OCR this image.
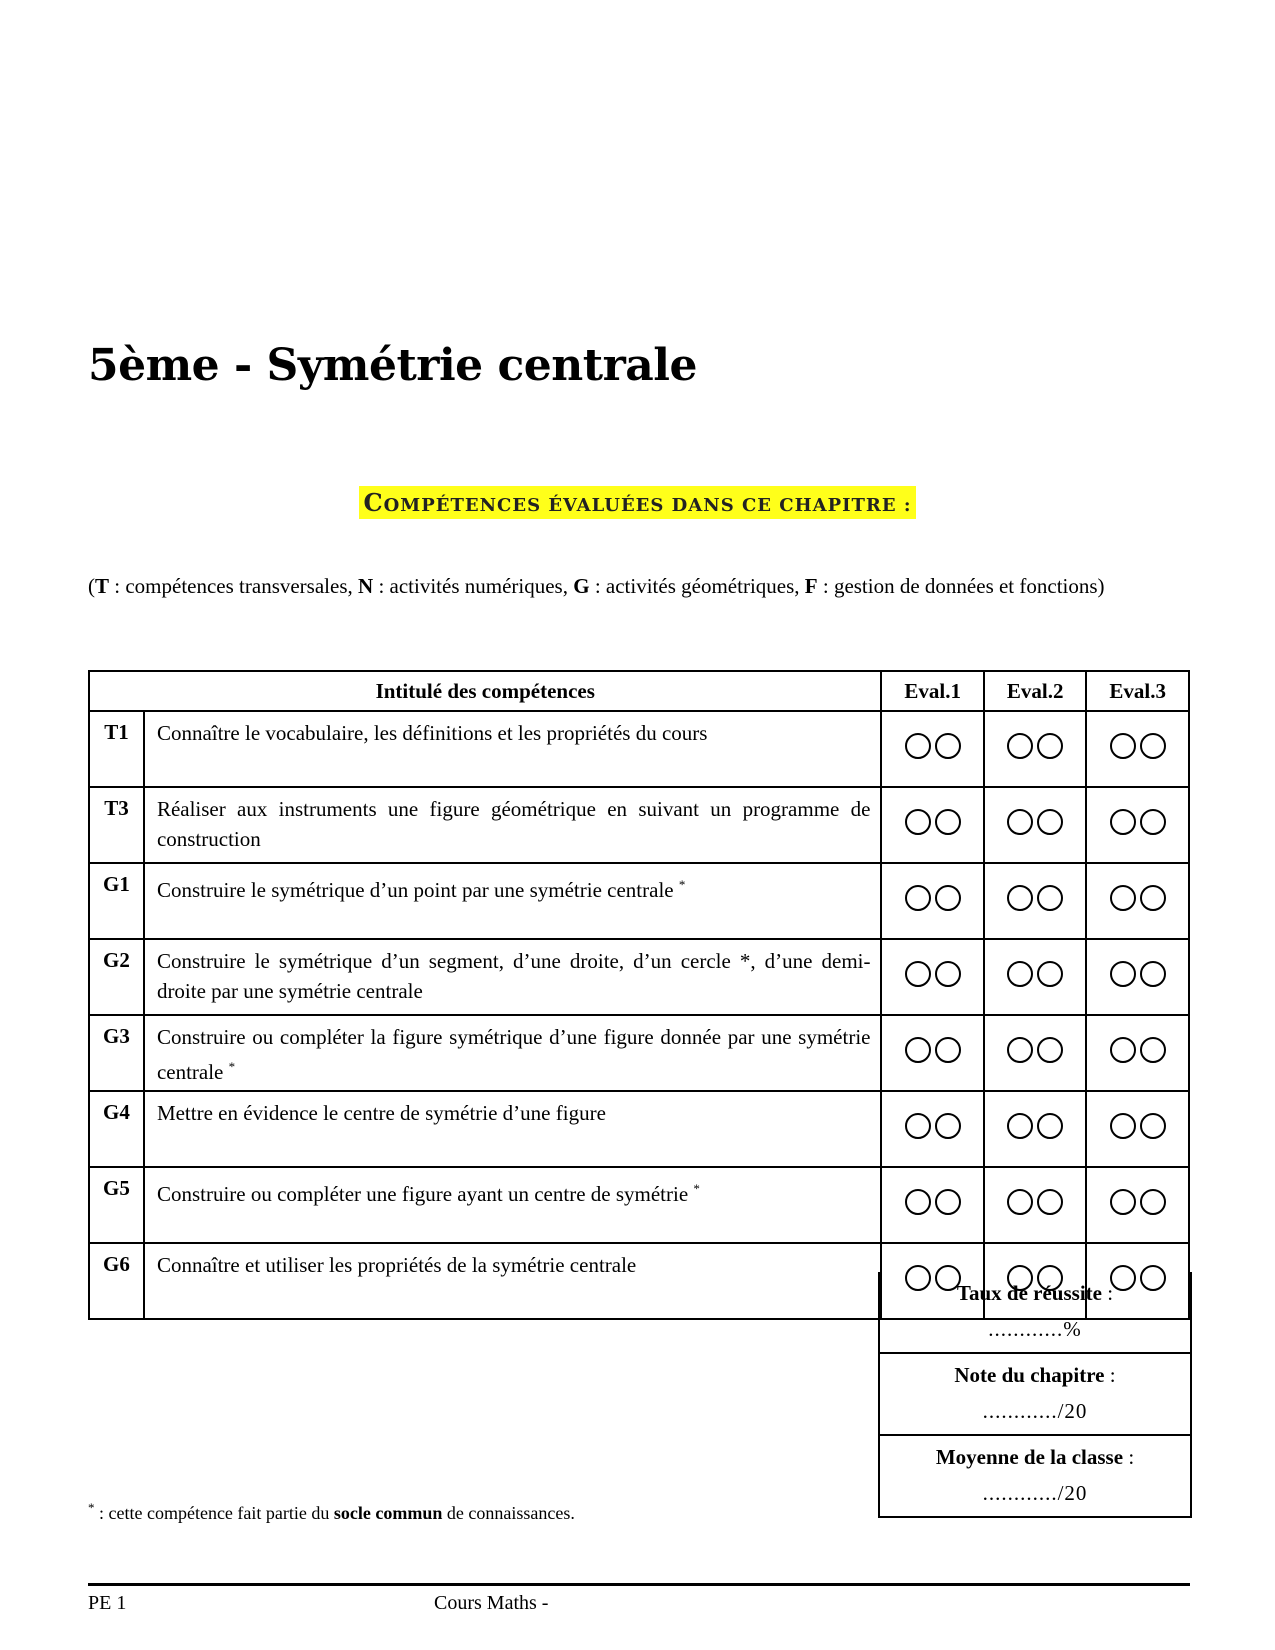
5ème - Symétrie centrale
COMPÉTENCES ÉVALUÉES DANS CE CHAPITRE :
(T : compétences transversales, N : activités numériques, G : activités géométriques, F : gestion de données et fonctions)
Intitulé des compétences		Eval.1	Eval.2	Eval.3
T1	Connaître le vocabulaire, les définitions et les propriétés du cours			
T3	Réaliser aux instruments une figure géométrique en suivant un programme de construction			
G1	Construire le symétrique d’un point par une symétrie centrale *			
G2	Construire le symétrique d’un segment, d’une droite, d’un cercle *, d’une demi-droite par une symétrie centrale			
G3	Construire ou compléter la figure symétrique d’une figure donnée par une symétrie centrale *			
G4	Mettre en évidence le centre de symétrie d’une figure			
G5	Construire ou compléter une figure ayant un centre de symétrie *			
G6	Connaître et utiliser les propriétés de la symétrie centrale			
Taux de réussite :
............%
Note du chapitre :
............/20
Moyenne de la classe :
............/20
* : cette compétence fait partie du socle commun de connaissances.
PE 1	Cours Maths -
